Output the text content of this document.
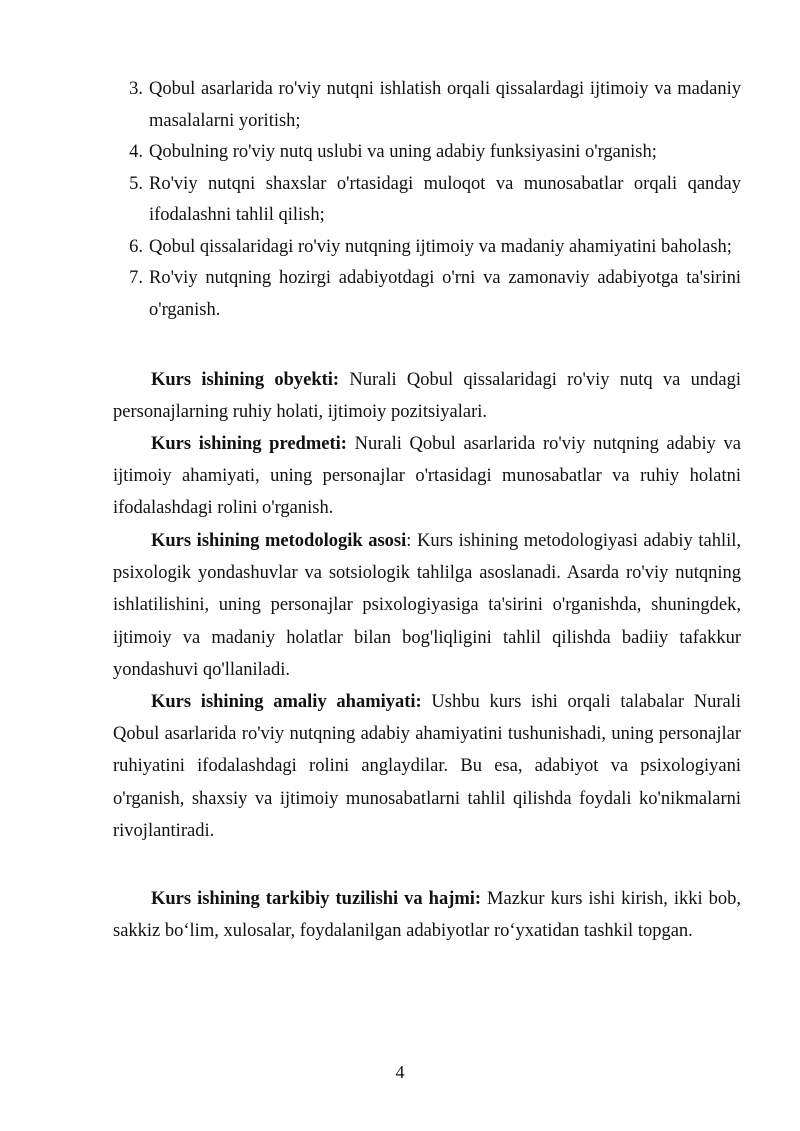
3. Qobul asarlarida ro'viy nutqni ishlatish orqali qissalardagi ijtimoiy va madaniy masalalarni yoritish;
4. Qobulning ro'viy nutq uslubi va uning adabiy funksiyasini o'rganish;
5. Ro'viy nutqni shaxslar o'rtasidagi muloqot va munosabatlar orqali qanday ifodalashni tahlil qilish;
6. Qobul qissalaridagi ro'viy nutqning ijtimoiy va madaniy ahamiyatini baholash;
7. Ro'viy nutqning hozirgi adabiyotdagi o'rni va zamonaviy adabiyotga ta'sirini o'rganish.

Kurs ishining obyekti: Nurali Qobul qissalaridagi ro'viy nutq va undagi personajlarning ruhiy holati, ijtimoiy pozitsiyalari.

Kurs ishining predmeti: Nurali Qobul asarlarida ro'viy nutqning adabiy va ijtimoiy ahamiyati, uning personajlar o'rtasidagi munosabatlar va ruhiy holatni ifodalashdagi rolini o'rganish.

Kurs ishining metodologik asosi: Kurs ishining metodologiyasi adabiy tahlil, psixologik yondashuvlar va sotsiologik tahlilga asoslanadi. Asarda ro'viy nutqning ishlatilishini, uning personajlar psixologiyasiga ta'sirini o'rganishda, shuningdek, ijtimoiy va madaniy holatlar bilan bog'liqligini tahlil qilishda badiiy tafakkur yondashuvi qo'llaniladi.

Kurs ishining amaliy ahamiyati: Ushbu kurs ishi orqali talabalar Nurali Qobul asarlarida ro'viy nutqning adabiy ahamiyatini tushunishadi, uning personajlar ruhiyatini ifodalashdagi rolini anglaydilar. Bu esa, adabiyot va psixologiyani o'rganish, shaxsiy va ijtimoiy munosabatlarni tahlil qilishda foydali ko'nikmalarni rivojlantiradi.

Kurs ishining tarkibiy tuzilishi va hajmi: Mazkur kurs ishi kirish, ikki bob, sakkiz bo‘lim, xulosalar, foydalanilgan adabiyotlar ro‘yxatidan tashkil topgan.

4
